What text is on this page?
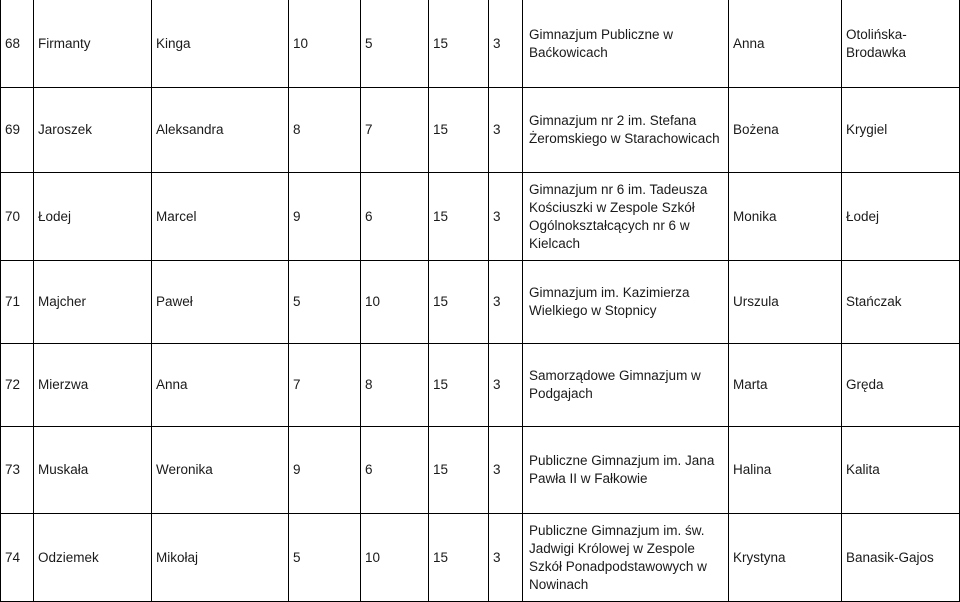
68	Firmanty	Kinga	10	5	15	3	Gimnazjum Publiczne w Baćkowicach	Anna	Otolińska-Brodawka
69	Jaroszek	Aleksandra	8	7	15	3	Gimnazjum nr 2 im. Stefana Żeromskiego w Starachowicach	Bożena	Krygiel
70	Łodej	Marcel	9	6	15	3	Gimnazjum nr 6 im. Tadeusza Kościuszki w Zespole Szkół Ogólnokształcących nr 6 w Kielcach	Monika	Łodej
71	Majcher	Paweł	5	10	15	3	Gimnazjum im. Kazimierza Wielkiego w Stopnicy	Urszula	Stańczak
72	Mierzwa	Anna	7	8	15	3	Samorządowe Gimnazjum w Podgajach	Marta	Gręda
73	Muskała	Weronika	9	6	15	3	Publiczne Gimnazjum im. Jana Pawła II w Fałkowie	Halina	Kalita
74	Odziemek	Mikołaj	5	10	15	3	Publiczne Gimnazjum im. św. Jadwigi Królowej w Zespole Szkół Ponadpodstawowych w Nowinach	Krystyna	Banasik-Gajos
